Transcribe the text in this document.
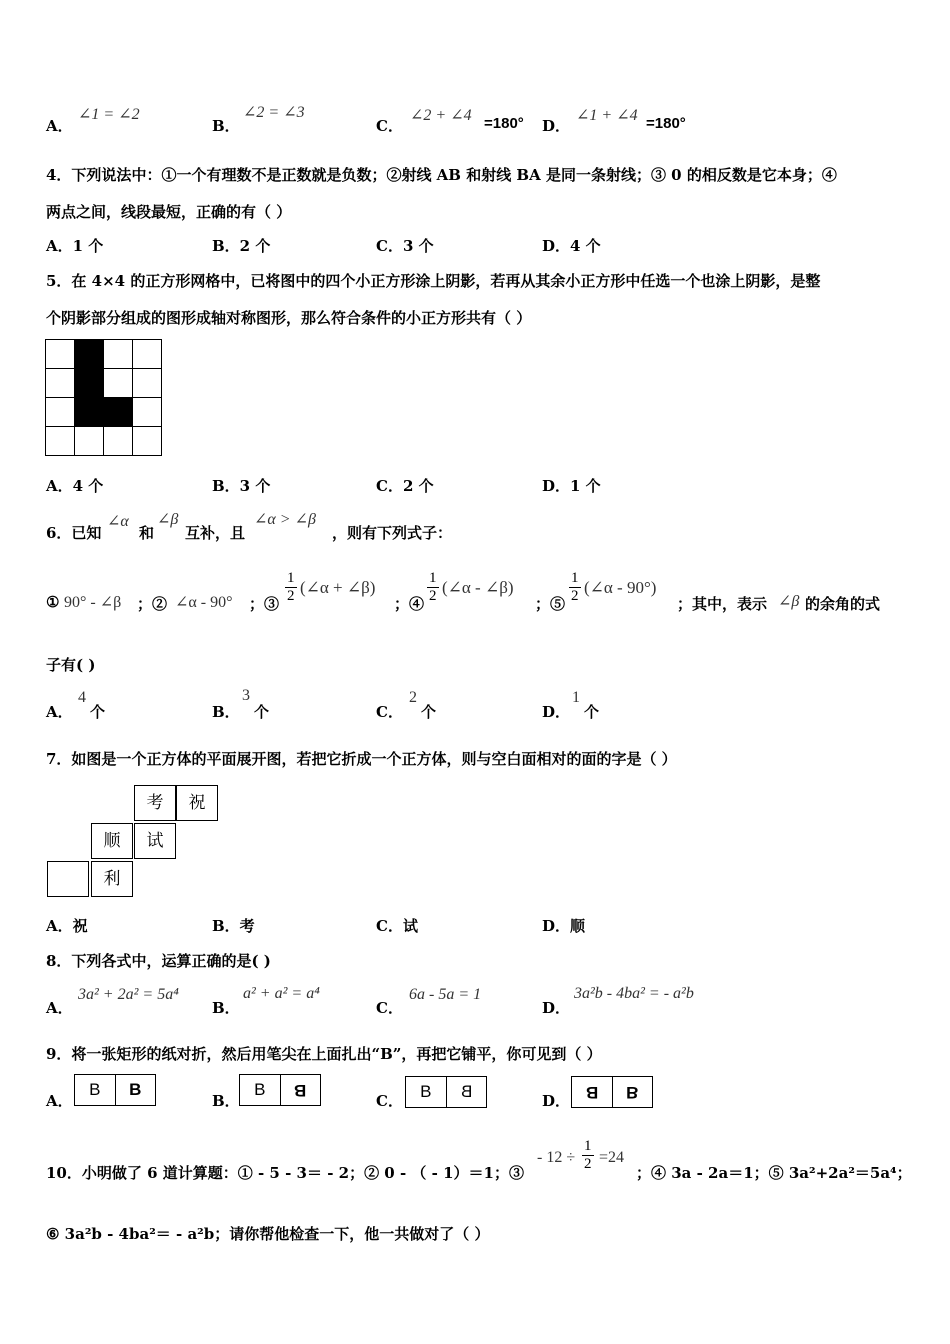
A．
∠1 = ∠2
B．
∠2 = ∠3
C．
∠2 + ∠4 =180° D．
∠1 + ∠4 =180°
4．下列说法中：①一个有理数不是正数就是负数；②射线 AB 和射线 BA 是同一条射线；③ 0 的相反数是它本身；④
两点之间，线段最短，正确的有（ ）
A．1 个	B．2 个	C．3 个	D．4 个
5．在 4×4 的正方形网格中，已将图中的四个小正方形涂上阴影，若再从其余小正方形中任选一个也涂上阴影，是整
个阴影部分组成的图形成轴对称图形，那么符合条件的小正方形共有（ ）

A．4 个	B．3 个	C．2 个	D．1 个
6．已知
∠α
和
∠β
互补，且
∠α > ∠β
，则有下列式子：
① 90° - ∠β ；② ∠α - 90° ；③ $\frac{1}{2}$ (∠α + ∠β)
；④ $\frac{1}{2}$ (∠α - ∠β)
；⑤ $\frac{1}{2}$ (∠α - 90°)
；其中，表示 ∠β 的余角的式
子有( )
A．
4
个	B．
3
个	C．
2
个	D．
1
个
7．如图是一个正方体的平面展开图，若把它折成一个正方体，则与空白面相对的面的字是（ ）
考	祝
顺	试
利
A．祝	B．考	C．试	D．顺
8．下列各式中，运算正确的是( )
A．
3a² + 2a² = 5a⁴
B．
a² + a² = a⁴
C．
6a - 5a = 1
D．
3a²b - 4ba² = - a²b
9．将一张矩形的纸对折，然后用笔尖在上面扎出“B”，再把它铺平，你可见到（ ）
A．
B	B
B．
B	B
C．	B	B	D． B	B
10．小明做了 6 道计算题：① - 5 - 3＝ - 2；② 0 - （ - 1）＝1；③
- $12 \div \frac{1}{2} =24$
；④ 3a - 2a＝1；⑤ 3a²+2a²＝5a⁴；
⑥ 3a²b - 4ba²＝ - a²b；请你帮他检查一下，他一共做对了（ ）
